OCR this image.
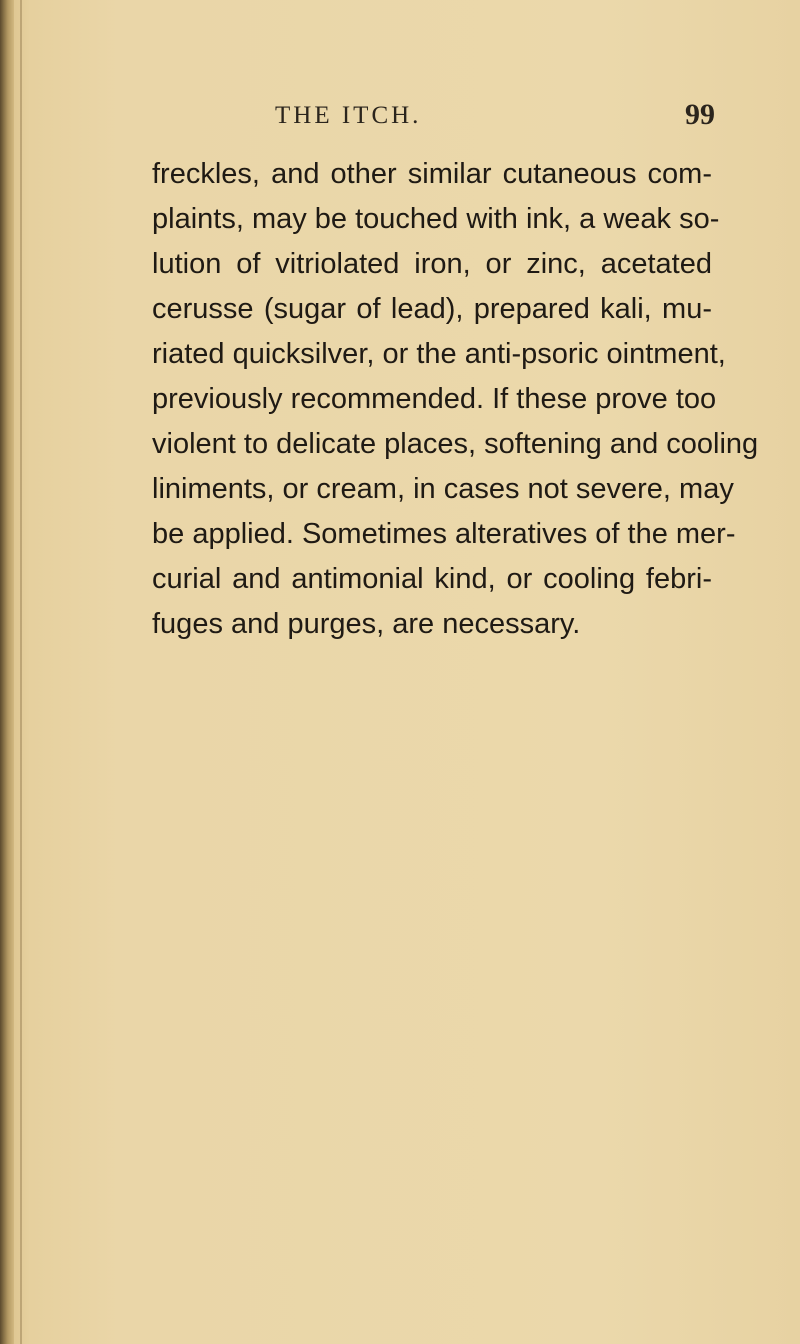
THE ITCH.	99
freckles, and other similar cutaneous com-
plaints, may be touched with ink, a weak so-
lution of vitriolated iron, or zinc, acetated
cerusse (sugar of lead), prepared kali, mu-
riated quicksilver, or the anti-psoric ointment,
previously recommended. If these prove too
violent to delicate places, softening and cooling
liniments, or cream, in cases not severe, may
be applied. Sometimes alteratives of the mer-
curial and antimonial kind, or cooling febri-
fuges and purges, are necessary.
